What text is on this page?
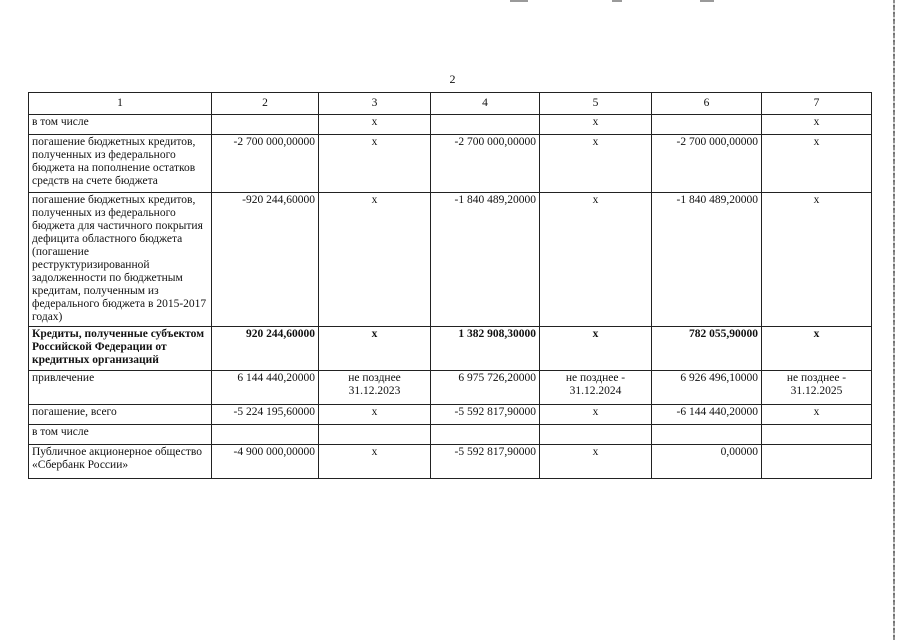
2
1	2	3	4	5	6	7
в том числе		х		х		х
погашение бюджетных кредитов, полученных из федерального бюджета на пополнение остатков средств на счете бюджета	-2 700 000,00000	х	-2 700 000,00000	х	-2 700 000,00000	х
погашение бюджетных кредитов, полученных из федерального бюджета для частичного покрытия дефицита областного бюджета (погашение реструктуризированной задолженности по бюджетным кредитам, полученным из федерального бюджета в 2015-2017 годах)	-920 244,60000	х	-1 840 489,20000	х	-1 840 489,20000	х
Кредиты, полученные субъектом Российской Федерации от кредитных организаций	920 244,60000	х	1 382 908,30000	х	782 055,90000	х
привлечение	6 144 440,20000	не позднее 31.12.2023	6 975 726,20000	не позднее - 31.12.2024	6 926 496,10000	не позднее - 31.12.2025
погашение, всего	-5 224 195,60000	х	-5 592 817,90000	х	-6 144 440,20000	х
в том числе						
Публичное акционерное общество «Сбербанк России»	-4 900 000,00000	х	-5 592 817,90000	х	0,00000	
